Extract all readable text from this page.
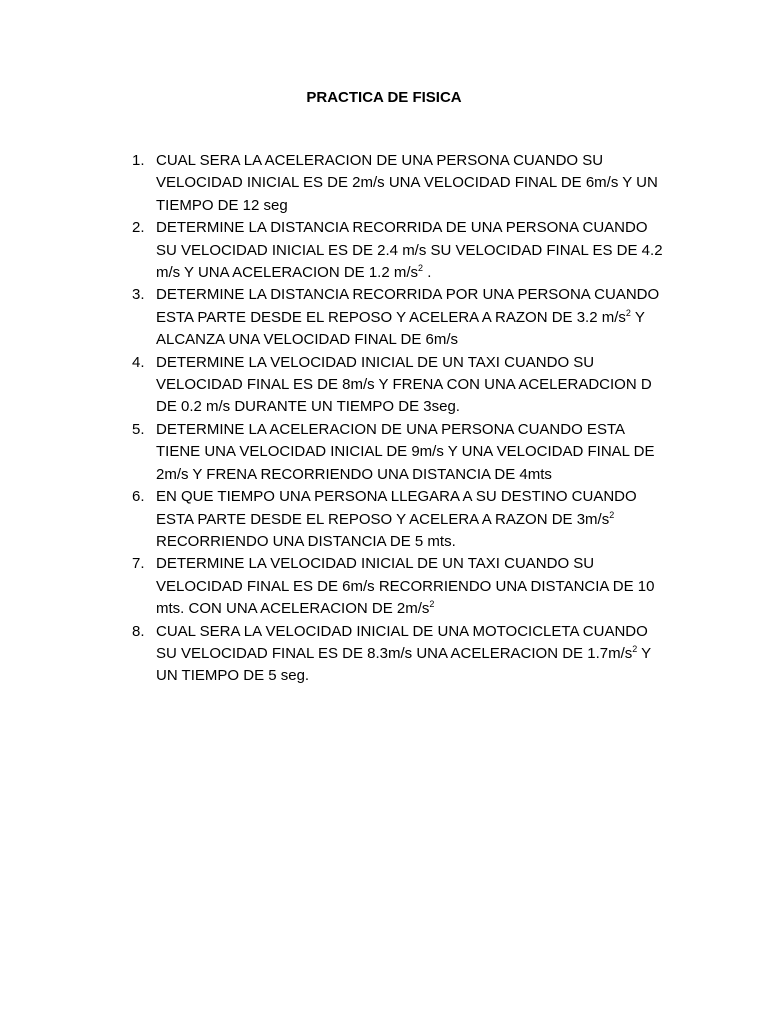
PRACTICA DE FISICA
1. CUAL SERA LA ACELERACION DE UNA PERSONA CUANDO SU VELOCIDAD INICIAL ES DE 2m/s UNA VELOCIDAD FINAL DE 6m/s Y UN TIEMPO DE 12 seg
2. DETERMINE LA DISTANCIA RECORRIDA DE UNA PERSONA CUANDO SU VELOCIDAD INICIAL ES DE 2.4 m/s SU VELOCIDAD FINAL ES DE 4.2 m/s Y UNA ACELERACION DE 1.2 $m/s^2$ .
3. DETERMINE LA DISTANCIA RECORRIDA POR UNA PERSONA CUANDO ESTA PARTE DESDE EL REPOSO Y ACELERA A RAZON DE 3.2 $m/s^2$ Y ALCANZA UNA VELOCIDAD FINAL DE 6m/s
4. DETERMINE LA VELOCIDAD INICIAL DE UN TAXI CUANDO SU VELOCIDAD FINAL ES DE 8m/s Y FRENA CON UNA ACELERADCION D DE 0.2 m/s DURANTE UN TIEMPO DE 3seg.
5. DETERMINE LA ACELERACION DE UNA PERSONA CUANDO ESTA TIENE UNA VELOCIDAD INICIAL DE 9m/s Y UNA VELOCIDAD FINAL DE 2m/s Y FRENA RECORRIENDO UNA DISTANCIA DE 4mts
6. EN QUE TIEMPO UNA PERSONA LLEGARA A SU DESTINO CUANDO ESTA PARTE DESDE EL REPOSO Y ACELERA A RAZON DE $3m/s^2$ RECORRIENDO UNA DISTANCIA DE 5 mts.
7. DETERMINE LA VELOCIDAD INICIAL DE UN TAXI CUANDO SU VELOCIDAD FINAL ES DE 6m/s RECORRIENDO UNA DISTANCIA DE 10 mts. CON UNA ACELERACION DE $2m/s^2$
8. CUAL SERA LA VELOCIDAD INICIAL DE UNA MOTOCICLETA CUANDO SU VELOCIDAD FINAL ES DE 8.3m/s UNA ACELERACION DE $1.7m/s^2$ Y UN TIEMPO DE 5 seg.
